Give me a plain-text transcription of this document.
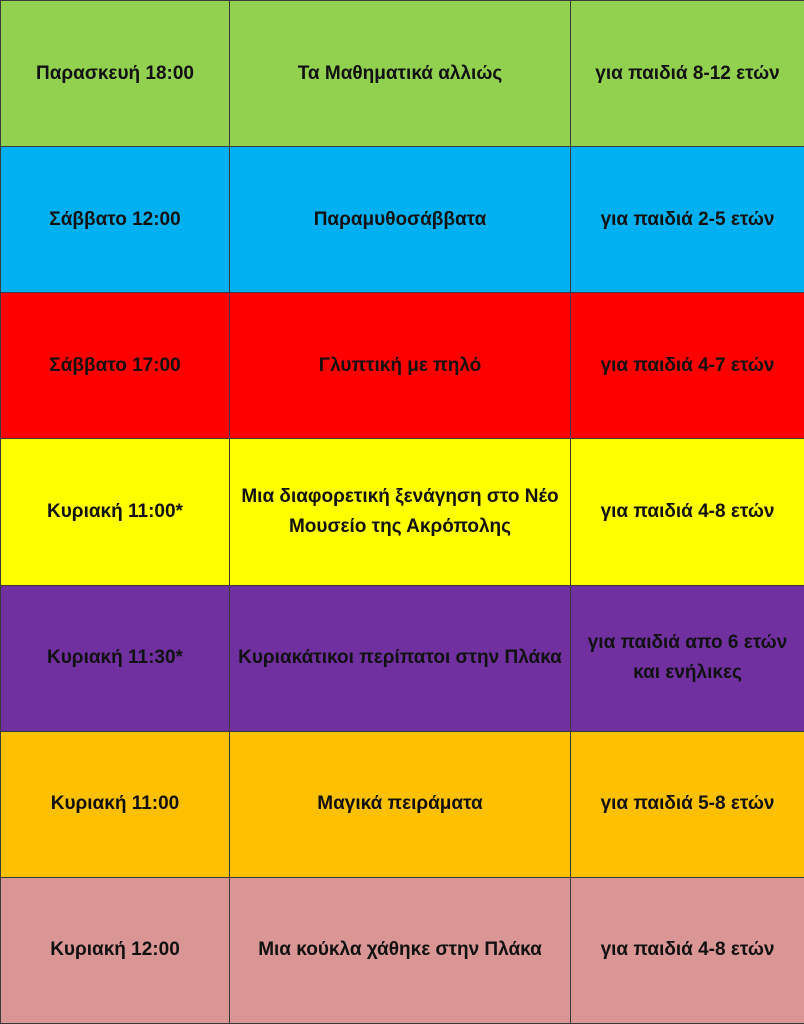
Παρασκευή 18:00	Τα Μαθηματικά αλλιώς	για παιδιά 8-12 ετών
Σάββατο 12:00	Παραμυθοσάββατα	για παιδιά 2-5 ετών
Σάββατο 17:00	Γλυπτική με πηλό	για παιδιά 4-7 ετών
Κυριακή 11:00*	Μια διαφορετική ξενάγηση στο Νέο Μουσείο της Ακρόπολης	για παιδιά 4-8 ετών
Κυριακή 11:30*	Κυριακάτικοι περίπατοι στην Πλάκα	για παιδιά απο 6 ετών και ενήλικες
Κυριακή 11:00	Μαγικά πειράματα	για παιδιά 5-8 ετών
Κυριακή 12:00	Μια κούκλα χάθηκε στην Πλάκα	για παιδιά 4-8 ετών
